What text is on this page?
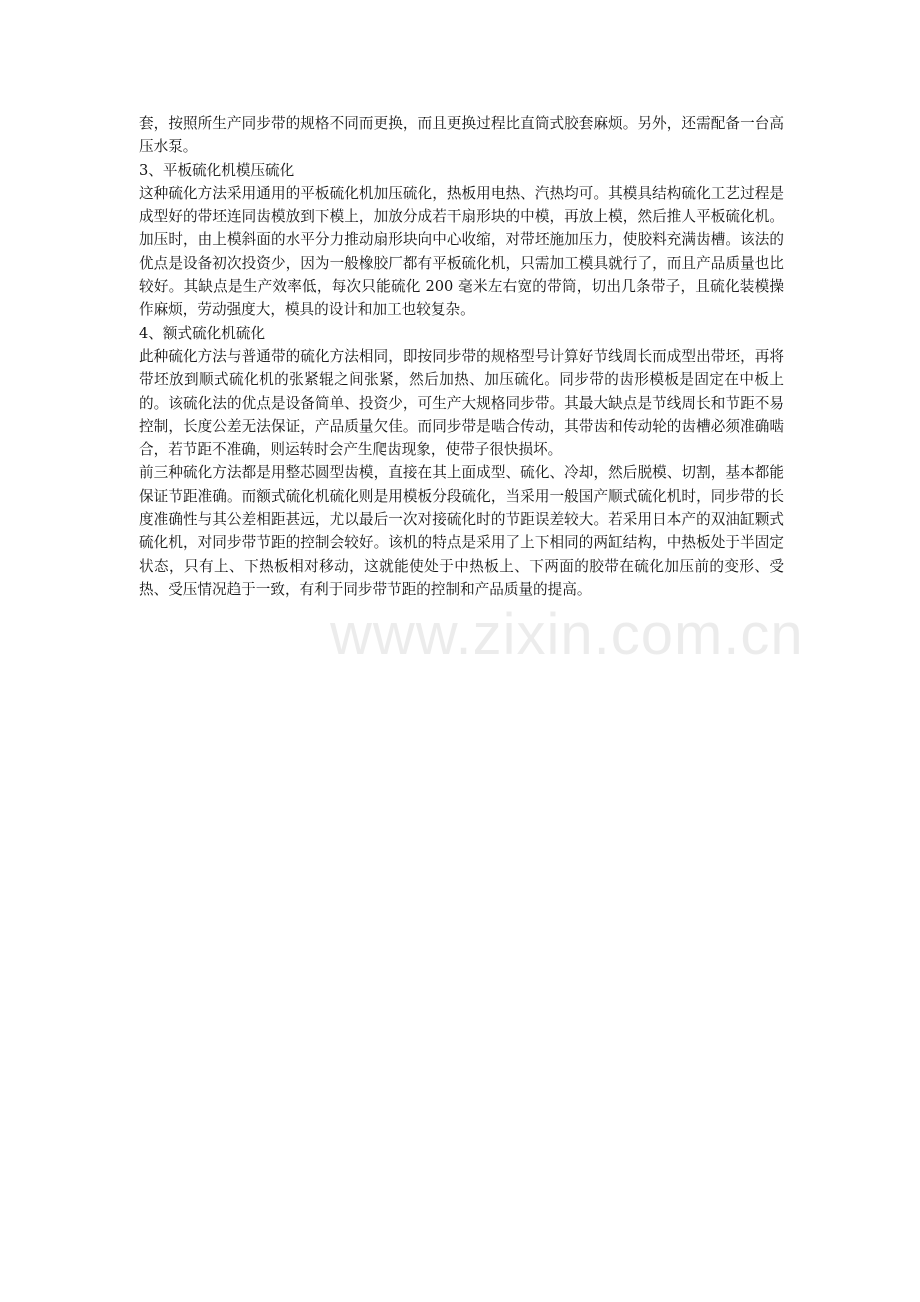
套，按照所生产同步带的规格不同而更换，而且更换过程比直筒式胶套麻烦。另外，还需配备一台高压水泵。

3、平板硫化机模压硫化

这种硫化方法采用通用的平板硫化机加压硫化，热板用电热、汽热均可。其模具结构硫化工艺过程是成型好的带坯连同齿模放到下模上，加放分成若干扇形块的中模，再放上模，然后推人平板硫化机。加压时，由上模斜面的水平分力推动扇形块向中心收缩，对带坯施加压力，使胶料充满齿槽。该法的优点是设备初次投资少，因为一般橡胶厂都有平板硫化机，只需加工模具就行了，而且产品质量也比较好。其缺点是生产效率低，每次只能硫化 200 毫米左右宽的带筒，切出几条带子，且硫化装模操作麻烦，劳动强度大，模具的设计和加工也较复杂。

4、额式硫化机硫化

此种硫化方法与普通带的硫化方法相同，即按同步带的规格型号计算好节线周长而成型出带坯，再将带坯放到顺式硫化机的张紧辊之间张紧，然后加热、加压硫化。同步带的齿形模板是固定在中板上的。该硫化法的优点是设备简单、投资少，可生产大规格同步带。其最大缺点是节线周长和节距不易控制，长度公差无法保证，产品质量欠佳。而同步带是啮合传动，其带齿和传动轮的齿槽必须准确啮合，若节距不准确，则运转时会产生爬齿现象，使带子很快损坏。

前三种硫化方法都是用整芯圆型齿模，直接在其上面成型、硫化、冷却，然后脱模、切割，基本都能保证节距准确。而额式硫化机硫化则是用模板分段硫化，当采用一般国产顺式硫化机时，同步带的长度准确性与其公差相距甚远，尤以最后一次对接硫化时的节距误差较大。若采用日本产的双油缸颗式硫化机，对同步带节距的控制会较好。该机的特点是采用了上下相同的两缸结构，中热板处于半固定状态，只有上、下热板相对移动，这就能使处于中热板上、下两面的胶带在硫化加压前的变形、受热、受压情况趋于一致，有利于同步带节距的控制和产品质量的提高。

www.zixin.com.cn
